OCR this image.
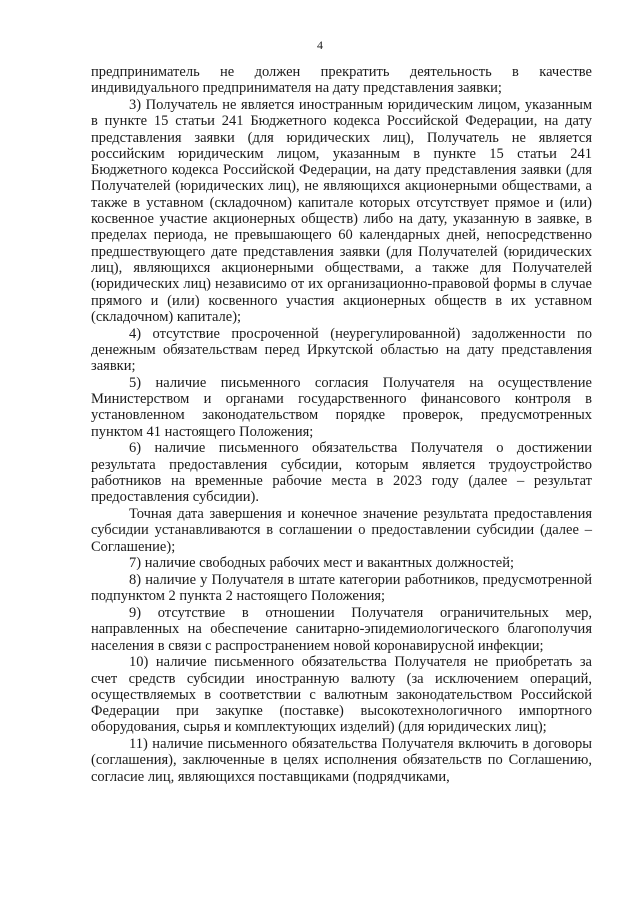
4

предприниматель не должен прекратить деятельность в качестве индивидуального предпринимателя на дату представления заявки;

3) Получатель не является иностранным юридическим лицом, указанным в пункте 15 статьи 241 Бюджетного кодекса Российской Федерации, на дату представления заявки (для юридических лиц), Получатель не является российским юридическим лицом, указанным в пункте 15 статьи 241 Бюджетного кодекса Российской Федерации, на дату представления заявки (для Получателей (юридических лиц), не являющихся акционерными обществами, а также в уставном (складочном) капитале которых отсутствует прямое и (или) косвенное участие акционерных обществ) либо на дату, указанную в заявке, в пределах периода, не превышающего 60 календарных дней, непосредственно предшествующего дате представления заявки (для Получателей (юридических лиц), являющихся акционерными обществами, а также для Получателей (юридических лиц) независимо от их организационно-правовой формы в случае прямого и (или) косвенного участия акционерных обществ в их уставном (складочном) капитале);

4) отсутствие просроченной (неурегулированной) задолженности по денежным обязательствам перед Иркутской областью на дату представления заявки;

5) наличие письменного согласия Получателя на осуществление Министерством и органами государственного финансового контроля в установленном законодательством порядке проверок, предусмотренных пунктом 41 настоящего Положения;

6) наличие письменного обязательства Получателя о достижении результата предоставления субсидии, которым является трудоустройство работников на временные рабочие места в 2023 году (далее – результат предоставления субсидии).

Точная дата завершения и конечное значение результата предоставления субсидии устанавливаются в соглашении о предоставлении субсидии (далее – Соглашение);

7) наличие свободных рабочих мест и вакантных должностей;

8) наличие у Получателя в штате категории работников, предусмотренной подпунктом 2 пункта 2 настоящего Положения;

9) отсутствие в отношении Получателя ограничительных мер, направленных на обеспечение санитарно-эпидемиологического благополучия населения в связи с распространением новой коронавирусной инфекции;

10) наличие письменного обязательства Получателя не приобретать за счет средств субсидии иностранную валюту (за исключением операций, осуществляемых в соответствии с валютным законодательством Российской Федерации при закупке (поставке) высокотехнологичного импортного оборудования, сырья и комплектующих изделий) (для юридических лиц);

11) наличие письменного обязательства Получателя включить в договоры (соглашения), заключенные в целях исполнения обязательств по Соглашению, согласие лиц, являющихся поставщиками (подрядчиками,
